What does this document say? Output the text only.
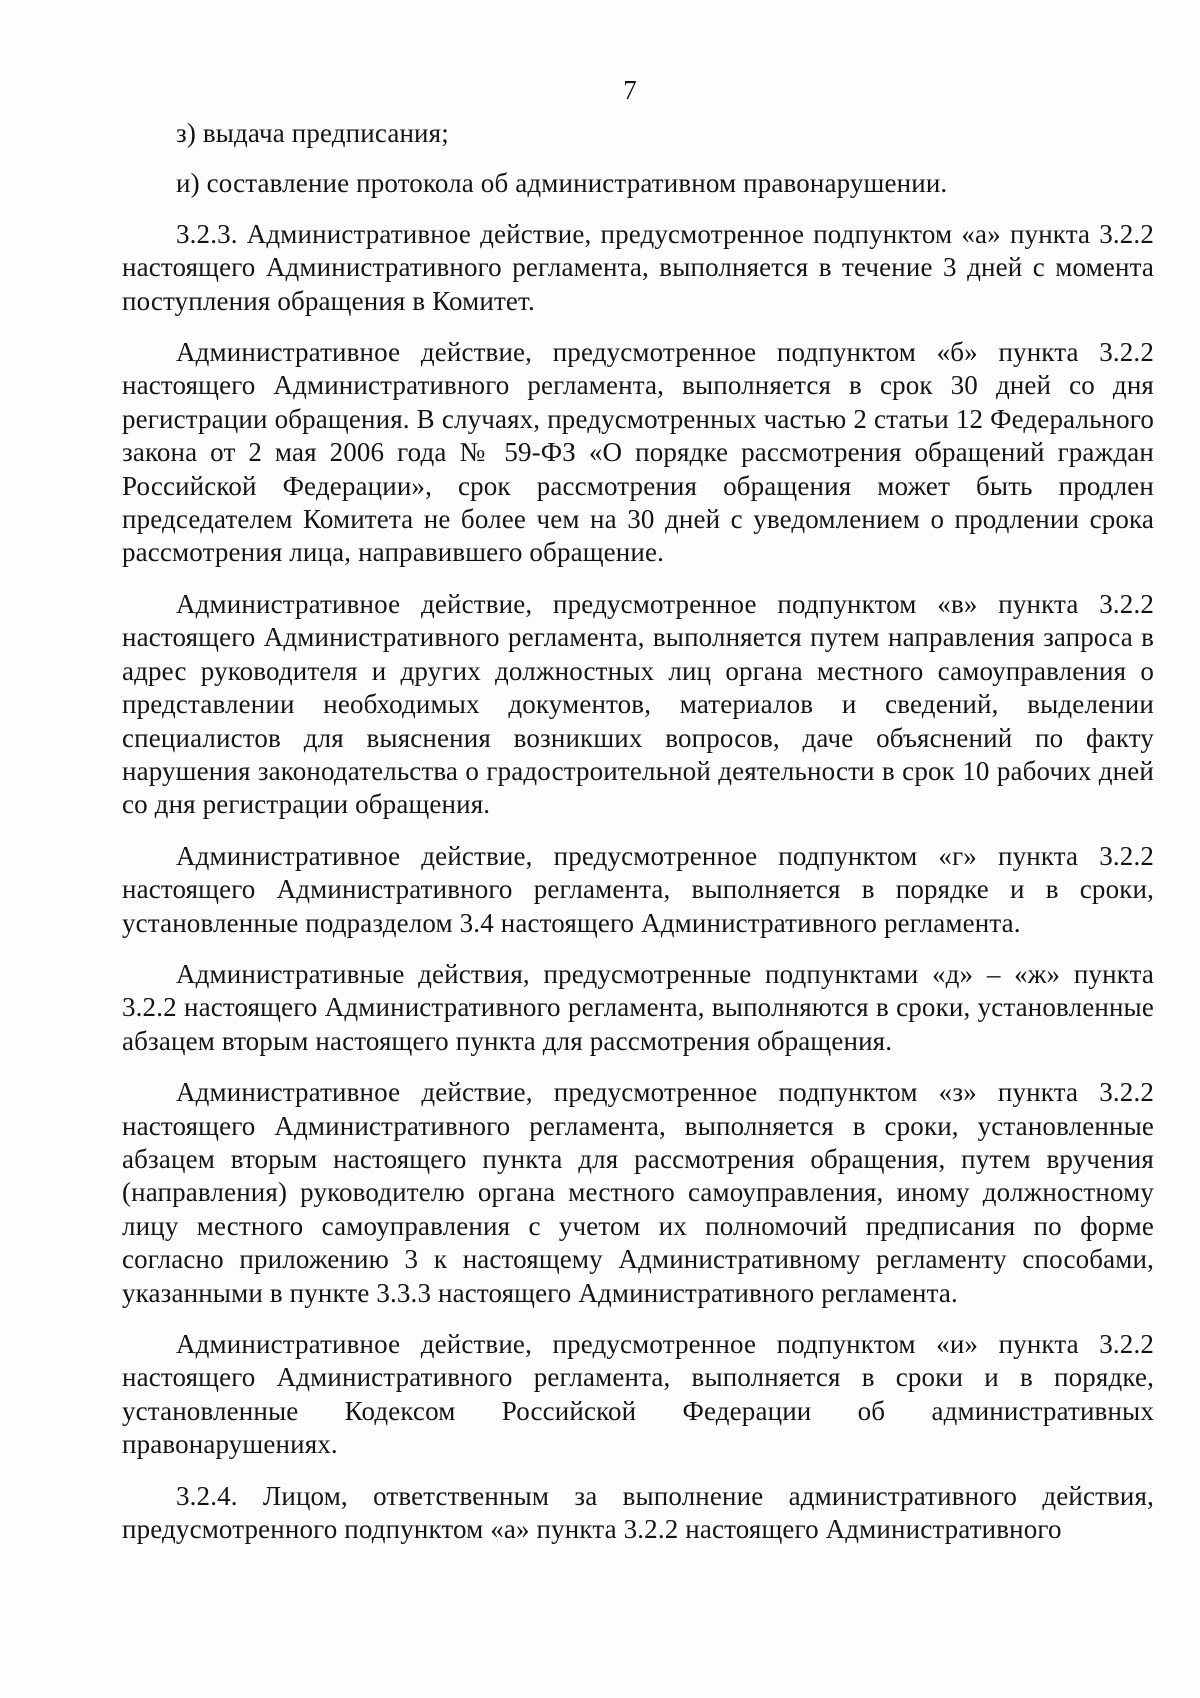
7

з) выдача предписания;

и) составление протокола об административном правонарушении.

3.2.3. Административное действие, предусмотренное подпунктом «а» пункта 3.2.2 настоящего Административного регламента, выполняется в течение 3 дней с момента поступления обращения в Комитет.

Административное действие, предусмотренное подпунктом «б» пункта 3.2.2 настоящего Административного регламента, выполняется в срок 30 дней со дня регистрации обращения. В случаях, предусмотренных частью 2 статьи 12 Федерального закона от 2 мая 2006 года № 59-ФЗ «О порядке рассмотрения обращений граждан Российской Федерации», срок рассмотрения обращения может быть продлен председателем Комитета не более чем на 30 дней с уведомлением о продлении срока рассмотрения лица, направившего обращение.

Административное действие, предусмотренное подпунктом «в» пункта 3.2.2 настоящего Административного регламента, выполняется путем направления запроса в адрес руководителя и других должностных лиц органа местного самоуправления о представлении необходимых документов, материалов и сведений, выделении специалистов для выяснения возникших вопросов, даче объяснений по факту нарушения законодательства о градостроительной деятельности в срок 10 рабочих дней со дня регистрации обращения.

Административное действие, предусмотренное подпунктом «г» пункта 3.2.2 настоящего Административного регламента, выполняется в порядке и в сроки, установленные подразделом 3.4 настоящего Административного регламента.

Административные действия, предусмотренные подпунктами «д» – «ж» пункта 3.2.2 настоящего Административного регламента, выполняются в сроки, установленные абзацем вторым настоящего пункта для рассмотрения обращения.

Административное действие, предусмотренное подпунктом «з» пункта 3.2.2 настоящего Административного регламента, выполняется в сроки, установленные абзацем вторым настоящего пункта для рассмотрения обращения, путем вручения (направления) руководителю органа местного самоуправления, иному должностному лицу местного самоуправления с учетом их полномочий предписания по форме согласно приложению 3 к настоящему Административному регламенту способами, указанными в пункте 3.3.3 настоящего Административного регламента.

Административное действие, предусмотренное подпунктом «и» пункта 3.2.2 настоящего Административного регламента, выполняется в сроки и в порядке, установленные Кодексом Российской Федерации об административных правонарушениях.

3.2.4. Лицом, ответственным за выполнение административного действия, предусмотренного подпунктом «а» пункта 3.2.2 настоящего Административного
